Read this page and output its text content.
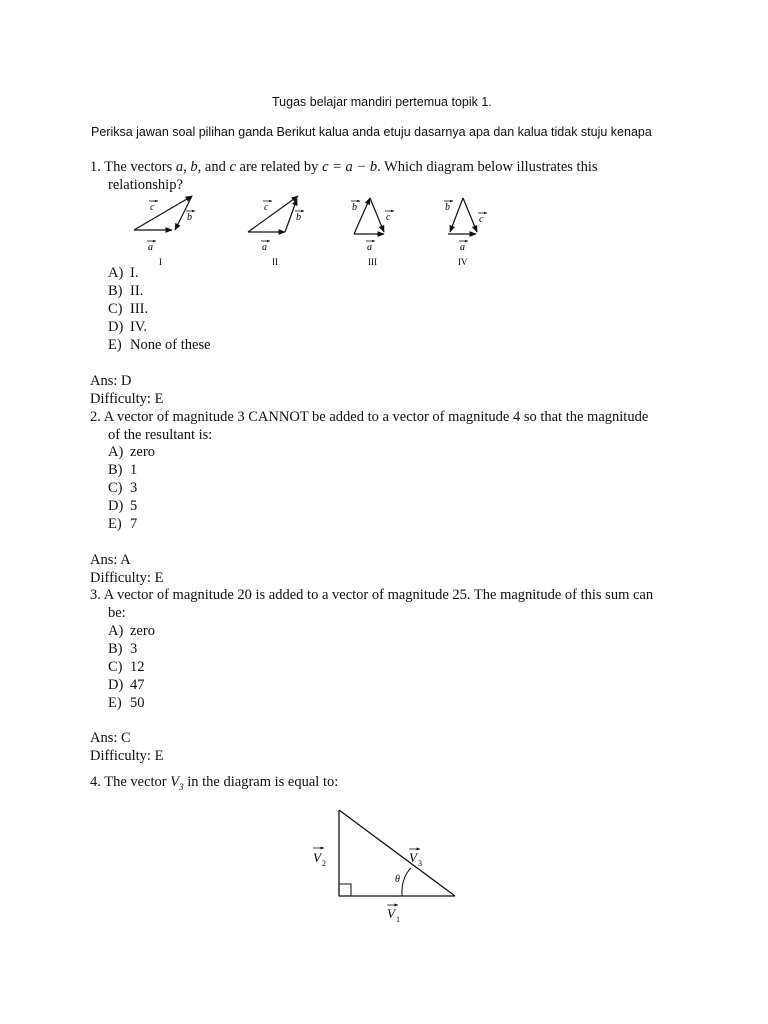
Tugas belajar mandiri pertemua topik 1.
Periksa jawan soal pilihan ganda Berikut kalua anda etuju dasarnya apa dan kalua tidak stuju kenapa
1. The vectors a, b, and c are related by c = a − b. Which diagram below illustrates this
relationship?
c
b
a
I
c
b
a
II
b
c
a
III
b
c
a
IV
A) I.
B) II.
C) III.
D) IV.
E) None of these
Ans: D
Difficulty: E
2. A vector of magnitude 3 CANNOT be added to a vector of magnitude 4 so that the magnitude
of the resultant is:
A) zero
B) 1
C) 3
D) 5
E) 7
Ans: A
Difficulty: E
3. A vector of magnitude 20 is added to a vector of magnitude 25. The magnitude of this sum can
be:
A) zero
B) 3
C) 12
D) 47
E) 50
Ans: C
Difficulty: E
4. The vector $V_3$ in the diagram is equal to:
θ
V 2	V 3
V 1
